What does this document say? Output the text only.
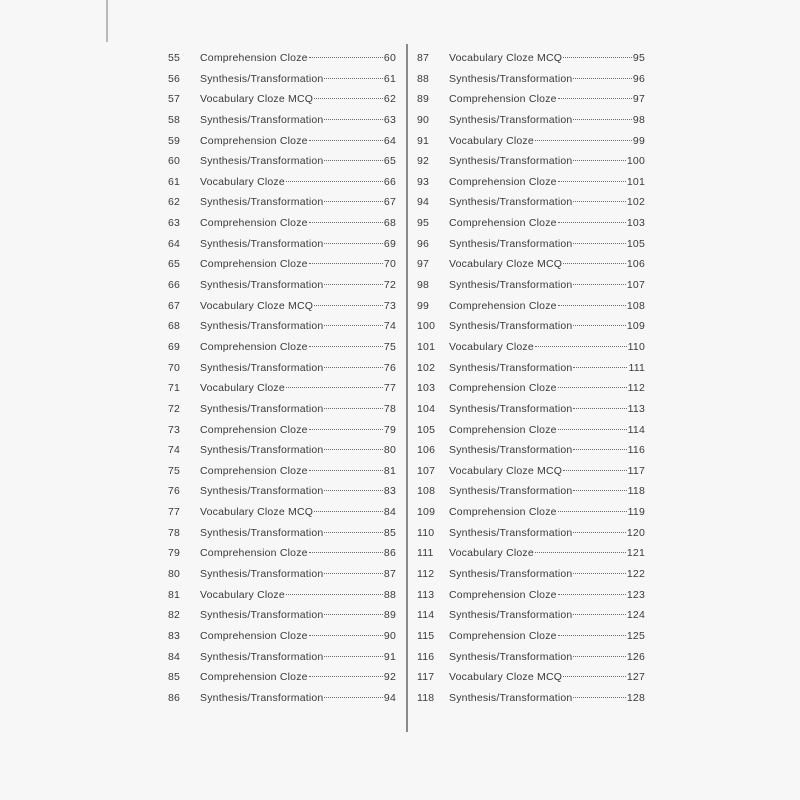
55	Comprehension Cloze	60
56	Synthesis/Transformation	61
57	Vocabulary Cloze MCQ	62
58	Synthesis/Transformation	63
59	Comprehension Cloze	64
60	Synthesis/Transformation	65
61	Vocabulary Cloze	66
62	Synthesis/Transformation	67
63	Comprehension Cloze	68
64	Synthesis/Transformation	69
65	Comprehension Cloze	70
66	Synthesis/Transformation	72
67	Vocabulary Cloze MCQ	73
68	Synthesis/Transformation	74
69	Comprehension Cloze	75
70	Synthesis/Transformation	76
71	Vocabulary Cloze	77
72	Synthesis/Transformation	78
73	Comprehension Cloze	79
74	Synthesis/Transformation	80
75	Comprehension Cloze	81
76	Synthesis/Transformation	83
77	Vocabulary Cloze MCQ	84
78	Synthesis/Transformation	85
79	Comprehension Cloze	86
80	Synthesis/Transformation	87
81	Vocabulary Cloze	88
82	Synthesis/Transformation	89
83	Comprehension Cloze	90
84	Synthesis/Transformation	91
85	Comprehension Cloze	92
86	Synthesis/Transformation	94
87	Vocabulary Cloze MCQ	95
88	Synthesis/Transformation	96
89	Comprehension Cloze	97
90	Synthesis/Transformation	98
91	Vocabulary Cloze	99
92	Synthesis/Transformation	100
93	Comprehension Cloze	101
94	Synthesis/Transformation	102
95	Comprehension Cloze	103
96	Synthesis/Transformation	105
97	Vocabulary Cloze MCQ	106
98	Synthesis/Transformation	107
99	Comprehension Cloze	108
100	Synthesis/Transformation	109
101	Vocabulary Cloze	110
102	Synthesis/Transformation	111
103	Comprehension Cloze	112
104	Synthesis/Transformation	113
105	Comprehension Cloze	114
106	Synthesis/Transformation	116
107	Vocabulary Cloze MCQ	117
108	Synthesis/Transformation	118
109	Comprehension Cloze	119
110	Synthesis/Transformation	120
111	Vocabulary Cloze	121
112	Synthesis/Transformation	122
113	Comprehension Cloze	123
114	Synthesis/Transformation	124
115	Comprehension Cloze	125
116	Synthesis/Transformation	126
117	Vocabulary Cloze MCQ	127
118	Synthesis/Transformation	128
